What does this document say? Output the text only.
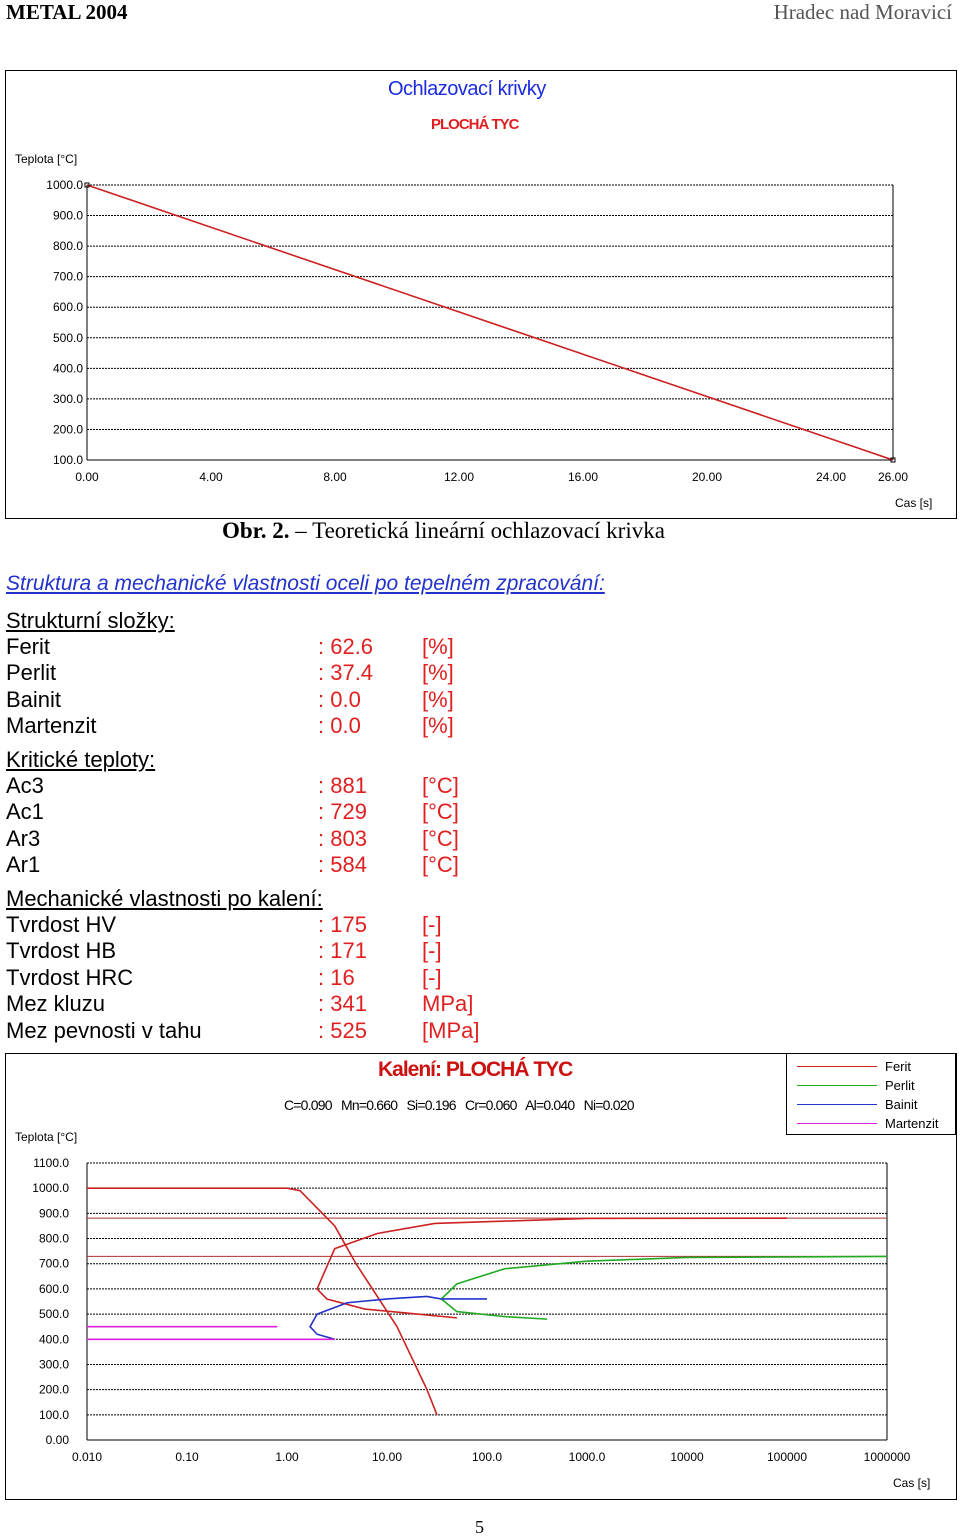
METAL 2004	Hradec nad Moravicí
Ochlazovací krivky
PLOCHÁ TYC
Teplota [°C]
Cas [s]
1000.0
900.0
800.0
700.0
600.0
500.0
400.0
300.0
200.0
100.0
0.00	4.00	8.00	12.00	16.00	20.00	24.00	26.00
Obr. 2. – Teoretická lineární ochlazovací krivka
Struktura a mechanické vlastnosti oceli po tepelném zpracování:
Strukturní složky:
Ferit	: 62.6 [%]
Perlit	: 37.4 [%]
Bainit	: 0.0	[%]
Martenzit	: 0.0	[%]
Kritické teploty:
Ac3	: 881	[°C]
Ac1	: 729	[°C]
Ar3	: 803	[°C]
Ar1	: 584	[°C]
Mechanické vlastnosti po kalení:
Tvrdost HV	: 175	[-]
Tvrdost HB	: 171	[-]
Tvrdost HRC	: 16	[-]
Mez kluzu	: 341	MPa]
Mez pevnosti v tahu	: 525	[MPa]
Kalení: PLOCHÁ TYC
C=0.090   Mn=0.660   Si=0.196   Cr=0.060   Al=0.040   Ni=0.020
Teplota [°C]
Cas [s]
1100.0
1000.0
900.0
800.0
700.0
600.0
500.0
400.0
300.0
200.0
100.0
0.00
0.010	0.10	1.00	10.00	100.0	1000.0	10000	100000	1000000
Ferit
Perlit
Bainit
Martenzit
5
